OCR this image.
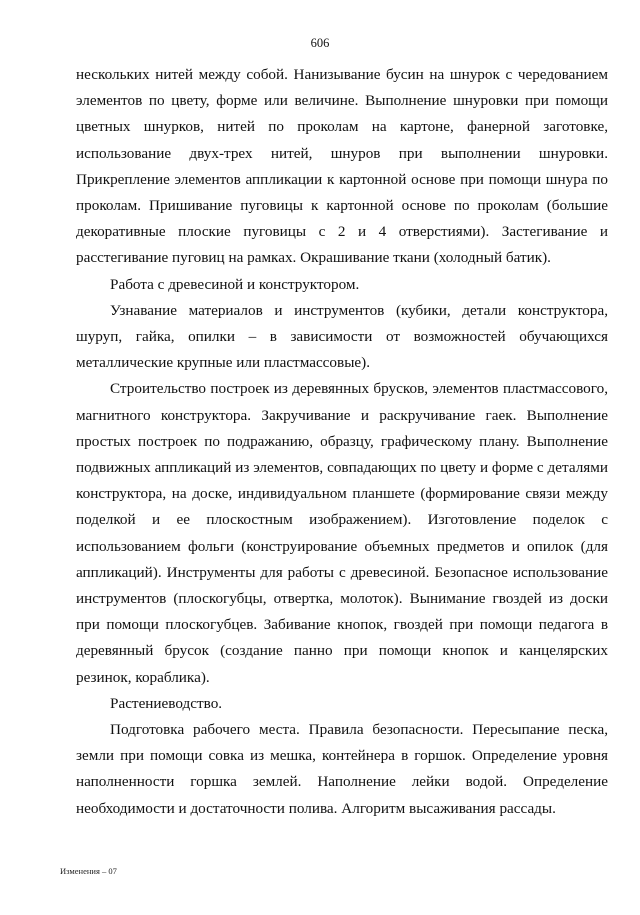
606

нескольких нитей между собой. Нанизывание бусин на шнурок с чередованием элементов по цвету, форме или величине. Выполнение шнуровки при помощи цветных шнурков, нитей по проколам на картоне, фанерной заготовке, использование двух-трех нитей, шнуров при выполнении шнуровки. Прикрепление элементов аппликации к картонной основе при помощи шнура по проколам. Пришивание пуговицы к картонной основе по проколам (большие декоративные плоские пуговицы с 2 и 4 отверстиями). Застегивание и расстегивание пуговиц на рамках. Окрашивание ткани (холодный батик).

Работа с древесиной и конструктором.

Узнавание материалов и инструментов (кубики, детали конструктора, шуруп, гайка, опилки – в зависимости от возможностей обучающихся металлические крупные или пластмассовые).

Строительство построек из деревянных брусков, элементов пластмассового, магнитного конструктора. Закручивание и раскручивание гаек. Выполнение простых построек по подражанию, образцу, графическому плану. Выполнение подвижных аппликаций из элементов, совпадающих по цвету и форме с деталями конструктора, на доске, индивидуальном планшете (формирование связи между поделкой и ее плоскостным изображением). Изготовление поделок с использованием фольги (конструирование объемных предметов и опилок (для аппликаций). Инструменты для работы с древесиной. Безопасное использование инструментов (плоскогубцы, отвертка, молоток). Вынимание гвоздей из доски при помощи плоскогубцев. Забивание кнопок, гвоздей при помощи педагога в деревянный брусок (создание панно при помощи кнопок и канцелярских резинок, кораблика).

Растениеводство.

Подготовка рабочего места. Правила безопасности. Пересыпание песка, земли при помощи совка из мешка, контейнера в горшок. Определение уровня наполненности горшка землей. Наполнение лейки водой. Определение необходимости и достаточности полива. Алгоритм высаживания рассады.

Изменения – 07
